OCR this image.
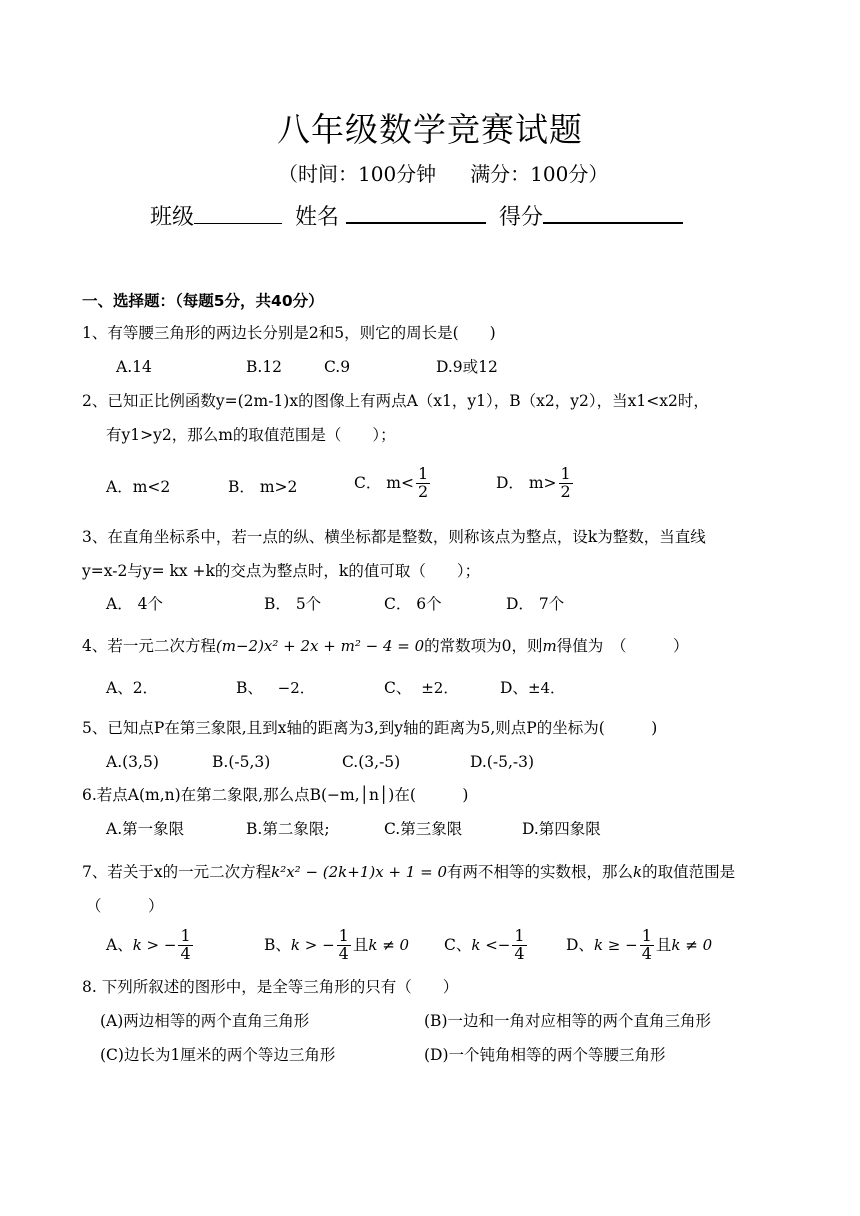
八年级数学竞赛试题
（时间：100分钟 满分：100分）
班级	姓名	得分
一、选择题：（每题5分，共40分）
1、有等腰三角形的两边长分别是2和5，则它的周长是(　　)
A.14	B.12	C.9	D.9或12
2、已知正比例函数y=(2m-1)x的图像上有两点A（x1，y1），B（x2，y2），当x1<x2时，
有y1>y2，那么m的取值范围是（　　）；
A．m<2	B． m>2	C． $m< \frac{1}{2}$	D． $m> \frac{1}{2}$
3、在直角坐标系中，若一点的纵、横坐标都是整数，则称该点为整点，设k为整数，当直线
y=x-2与y= kx +k的交点为整点时，k的值可取（　　）；
A． 4个	B． 5个	C． 6个	D． 7个
4、若一元二次方程(m−2)x² + 2x + m² − 4 = 0的常数项为0，则m得值为　（　　　）
A、2．	B、 −2．	C、 ±2．	D、±4．
5、已知点P在第三象限,且到x轴的距离为3,到y轴的距离为5,则点P的坐标为(　　　)
A.(3,5)	B.(-5,3)	C.(3,-5)	D.(-5,-3)
6.若点A(m,n)在第二象限,那么点B(−m,│n│)在(　　　)
A.第一象限	B.第二象限;	C.第三象限	D.第四象限
7、若关于x的一元二次方程k²x² − (2k+1)x + 1 = 0有两不相等的实数根，那么k的取值范围是
（　　　）
A、 k > − $\frac{1}{4}$	B、 k > − $\frac{1}{4}$ 且 k ≠ 0 C、 $k <- \frac{1}{4}$	D、 k ≥ − $\frac{1}{4}$ 且 k ≠ 0
8. 下列所叙述的图形中，是全等三角形的只有（　　）
(A)两边相等的两个直角三角形	(B)一边和一角对应相等的两个直角三角形
(C)边长为1厘米的两个等边三角形	(D)一个钝角相等的两个等腰三角形
